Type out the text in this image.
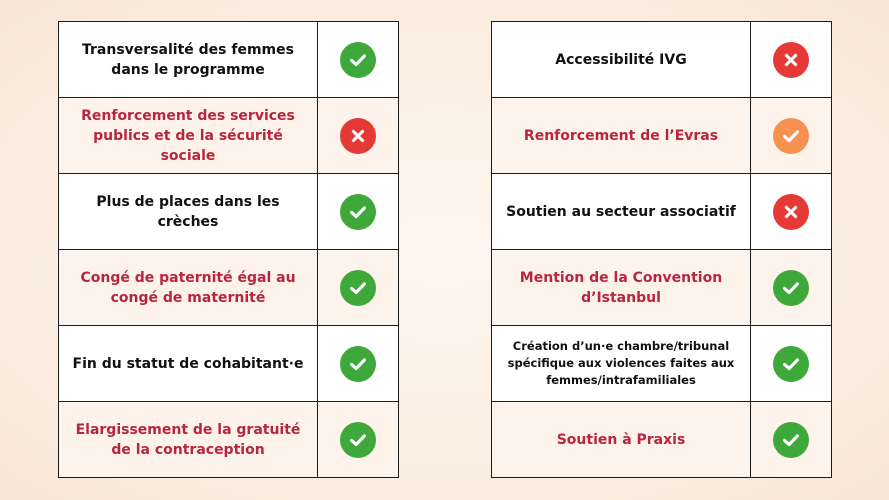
Transversalité des femmes dans le programme
Renforcement des services publics et de la sécurité sociale
Plus de places dans les crèches
Congé de paternité égal au congé de maternité
Fin du statut de cohabitant·e
Elargissement de la gratuité de la contraception
Accessibilité IVG
Renforcement de l’Evras
Soutien au secteur associatif
Mention de la Convention d’Istanbul
Création d’un·e chambre/tribunal spécifique aux violences faites aux femmes/intrafamiliales
Soutien à Praxis
